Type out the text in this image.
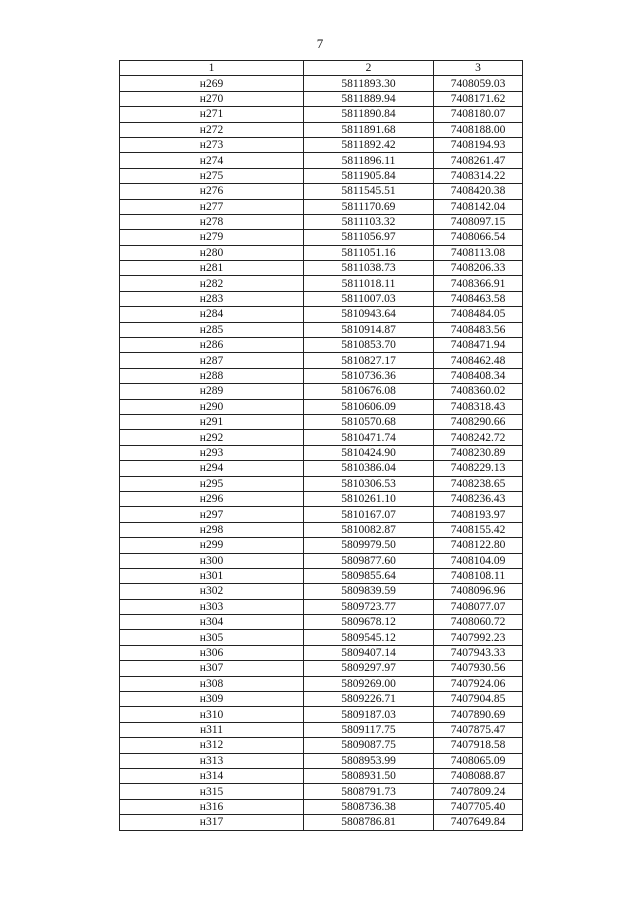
7
1	2	3
н269	5811893.30	7408059.03
н270	5811889.94	7408171.62
н271	5811890.84	7408180.07
н272	5811891.68	7408188.00
н273	5811892.42	7408194.93
н274	5811896.11	7408261.47
н275	5811905.84	7408314.22
н276	5811545.51	7408420.38
н277	5811170.69	7408142.04
н278	5811103.32	7408097.15
н279	5811056.97	7408066.54
н280	5811051.16	7408113.08
н281	5811038.73	7408206.33
н282	5811018.11	7408366.91
н283	5811007.03	7408463.58
н284	5810943.64	7408484.05
н285	5810914.87	7408483.56
н286	5810853.70	7408471.94
н287	5810827.17	7408462.48
н288	5810736.36	7408408.34
н289	5810676.08	7408360.02
н290	5810606.09	7408318.43
н291	5810570.68	7408290.66
н292	5810471.74	7408242.72
н293	5810424.90	7408230.89
н294	5810386.04	7408229.13
н295	5810306.53	7408238.65
н296	5810261.10	7408236.43
н297	5810167.07	7408193.97
н298	5810082.87	7408155.42
н299	5809979.50	7408122.80
н300	5809877.60	7408104.09
н301	5809855.64	7408108.11
н302	5809839.59	7408096.96
н303	5809723.77	7408077.07
н304	5809678.12	7408060.72
н305	5809545.12	7407992.23
н306	5809407.14	7407943.33
н307	5809297.97	7407930.56
н308	5809269.00	7407924.06
н309	5809226.71	7407904.85
н310	5809187.03	7407890.69
н311	5809117.75	7407875.47
н312	5809087.75	7407918.58
н313	5808953.99	7408065.09
н314	5808931.50	7408088.87
н315	5808791.73	7407809.24
н316	5808736.38	7407705.40
н317	5808786.81	7407649.84
